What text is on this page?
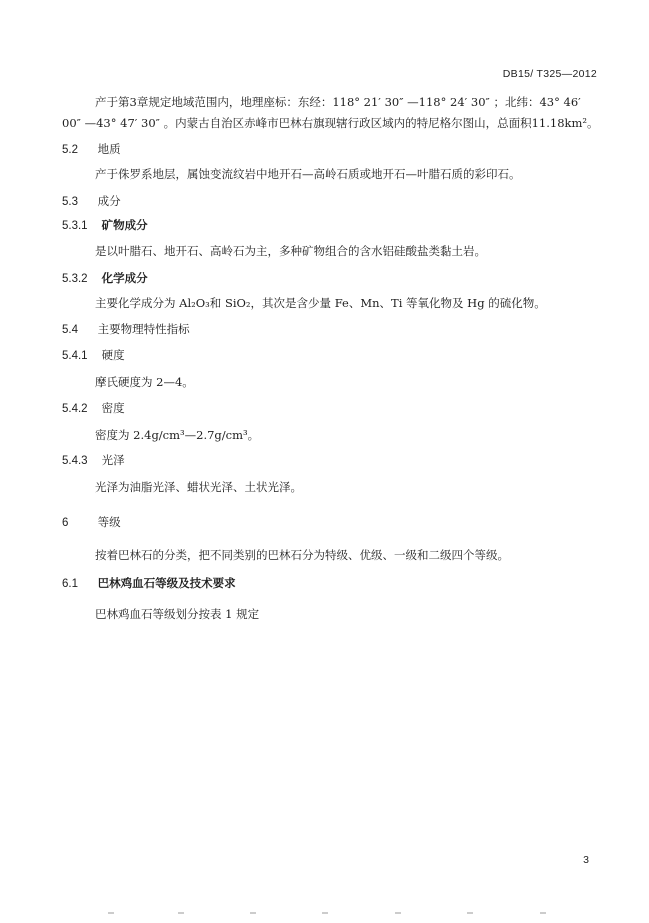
DB15/ T325—2012
产于第3章规定地域范围内，地理座标：东经：118° 21′ 30″ —118° 24′ 30″ ；北纬：43° 46′
00″ —43° 47′ 30″ 。内蒙古自治区赤峰市巴林右旗现辖行政区域内的特尼格尔图山，总面积11.18km²。
5.2 地质
产于侏罗系地层，属蚀变流纹岩中地开石—高岭石质或地开石—叶腊石质的彩印石。
5.3 成分
5.3.1 矿物成分
是以叶腊石、地开石、高岭石为主，多种矿物组合的含水铝硅酸盐类黏土岩。
5.3.2 化学成分
主要化学成分为 Al₂O₃和 SiO₂，其次是含少量 Fe、Mn、Ti 等氧化物及 Hg 的硫化物。
5.4 主要物理特性指标
5.4.1 硬度
摩氏硬度为 2—4。
5.4.2 密度
密度为 2.4g/cm³—2.7g/cm³。
5.4.3 光泽
光泽为油脂光泽、蜡状光泽、土状光泽。
6	等级
按着巴林石的分类，把不同类别的巴林石分为特级、优级、一级和二级四个等级。
6.1 巴林鸡血石等级及技术要求
巴林鸡血石等级划分按表 1 规定
3
